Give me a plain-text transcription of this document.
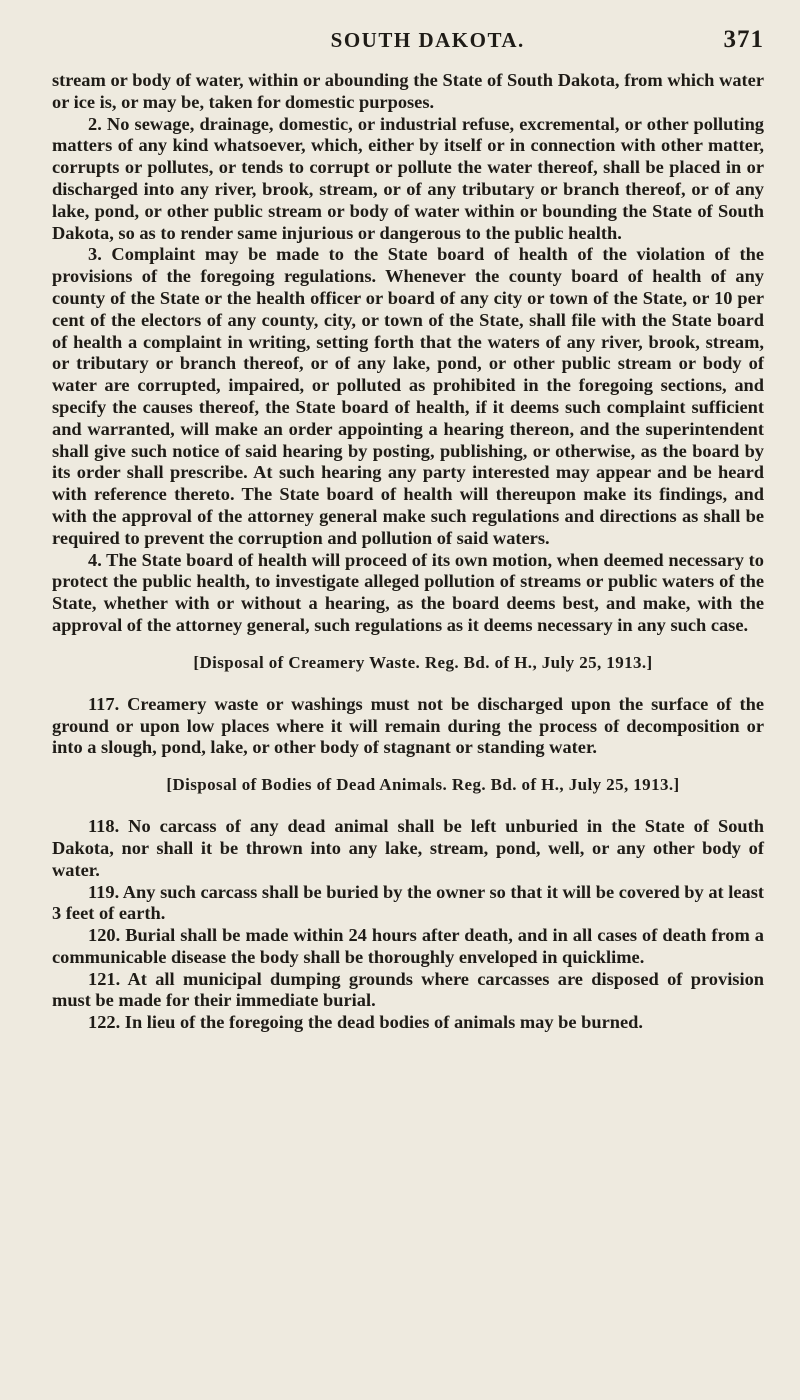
SOUTH DAKOTA.	371

stream or body of water, within or abounding the State of South Dakota, from which water or ice is, or may be, taken for domestic purposes.

2. No sewage, drainage, domestic, or industrial refuse, excremental, or other polluting matters of any kind whatsoever, which, either by itself or in connection with other matter, corrupts or pollutes, or tends to corrupt or pollute the water thereof, shall be placed in or discharged into any river, brook, stream, or of any tributary or branch thereof, or of any lake, pond, or other public stream or body of water within or bounding the State of South Dakota, so as to render same injurious or dangerous to the public health.

3. Complaint may be made to the State board of health of the violation of the provisions of the foregoing regulations. Whenever the county board of health of any county of the State or the health officer or board of any city or town of the State, or 10 per cent of the electors of any county, city, or town of the State, shall file with the State board of health a complaint in writing, setting forth that the waters of any river, brook, stream, or tributary or branch thereof, or of any lake, pond, or other public stream or body of water are corrupted, impaired, or polluted as prohibited in the foregoing sections, and specify the causes thereof, the State board of health, if it deems such complaint sufficient and warranted, will make an order appointing a hearing thereon, and the superintendent shall give such notice of said hearing by posting, publishing, or otherwise, as the board by its order shall prescribe. At such hearing any party interested may appear and be heard with reference thereto. The State board of health will thereupon make its findings, and with the approval of the attorney general make such regulations and directions as shall be required to prevent the corruption and pollution of said waters.

4. The State board of health will proceed of its own motion, when deemed necessary to protect the public health, to investigate alleged pollution of streams or public waters of the State, whether with or without a hearing, as the board deems best, and make, with the approval of the attorney general, such regulations as it deems necessary in any such case.

[Disposal of Creamery Waste. Reg. Bd. of H., July 25, 1913.]

117. Creamery waste or washings must not be discharged upon the surface of the ground or upon low places where it will remain during the process of decomposition or into a slough, pond, lake, or other body of stagnant or standing water.

[Disposal of Bodies of Dead Animals. Reg. Bd. of H., July 25, 1913.]

118. No carcass of any dead animal shall be left unburied in the State of South Dakota, nor shall it be thrown into any lake, stream, pond, well, or any other body of water.

119. Any such carcass shall be buried by the owner so that it will be covered by at least 3 feet of earth.

120. Burial shall be made within 24 hours after death, and in all cases of death from a communicable disease the body shall be thoroughly enveloped in quicklime.

121. At all municipal dumping grounds where carcasses are disposed of provision must be made for their immediate burial.

122. In lieu of the foregoing the dead bodies of animals may be burned.
